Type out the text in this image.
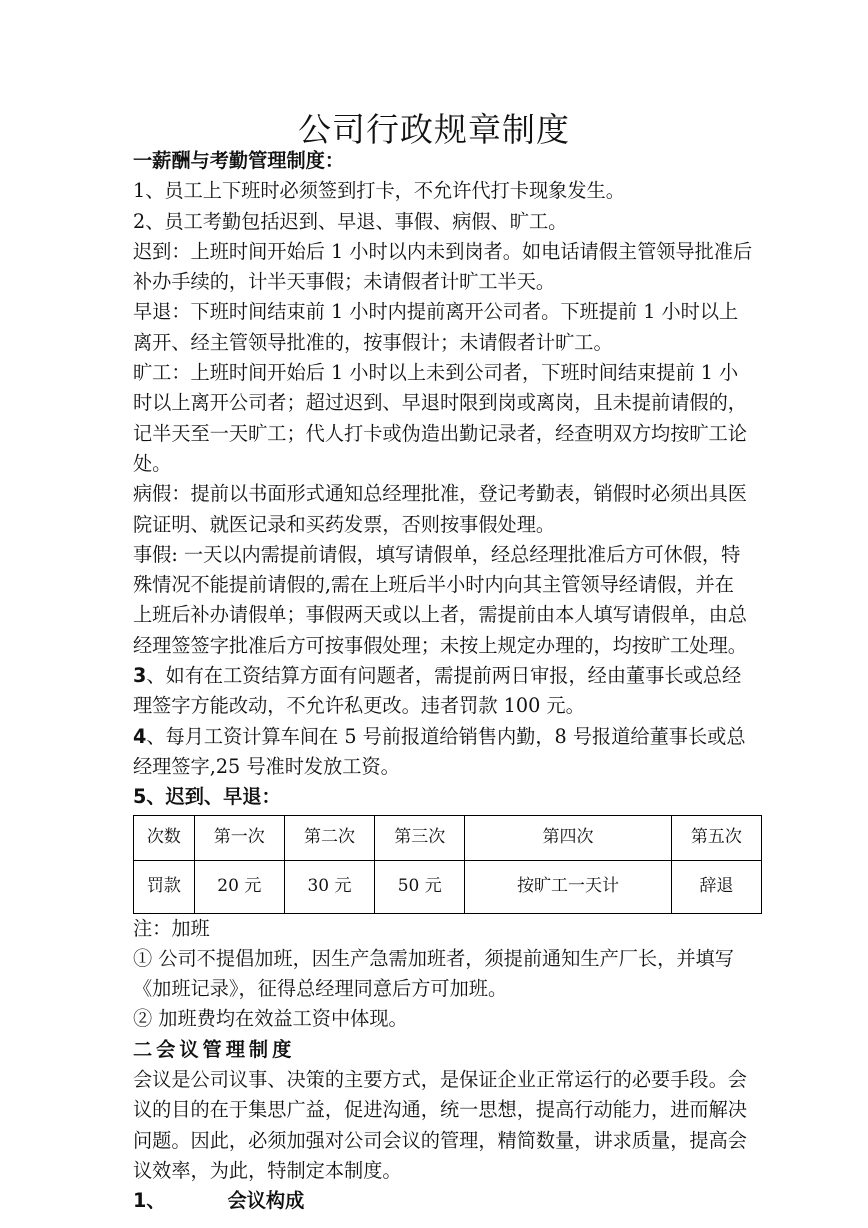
公司行政规章制度

一薪酬与考勤管理制度：

1、员工上下班时必须签到打卡，不允许代打卡现象发生。

2、员工考勤包括迟到、早退、事假、病假、旷工。

迟到：上班时间开始后 1 小时以内未到岗者。如电话请假主管领导批准后补办手续的，计半天事假；未请假者计旷工半天。

早退：下班时间结束前 1 小时内提前离开公司者。下班提前 1 小时以上离开、经主管领导批准的，按事假计；未请假者计旷工。

旷工：上班时间开始后 1 小时以上未到公司者，下班时间结束提前 1 小时以上离开公司者；超过迟到、早退时限到岗或离岗，且未提前请假的，记半天至一天旷工；代人打卡或伪造出勤记录者，经查明双方均按旷工论处。

病假：提前以书面形式通知总经理批准，登记考勤表，销假时必须出具医院证明、就医记录和买药发票，否则按事假处理。

事假: 一天以内需提前请假，填写请假单，经总经理批准后方可休假，特殊情况不能提前请假的,需在上班后半小时内向其主管领导经请假，并在上班后补办请假单；事假两天或以上者，需提前由本人填写请假单，由总经理签签字批准后方可按事假处理；未按上规定办理的，均按旷工处理。

3、如有在工资结算方面有问题者，需提前两日审报，经由董事长或总经理签字方能改动，不允许私更改。违者罚款 100 元。

4、每月工资计算车间在 5 号前报道给销售内勤，8 号报道给董事长或总经理签字,25 号准时发放工资。

5、迟到、早退：

次数	第一次	第二次	第三次	第四次	第五次
罚款	20 元	30 元	50 元	按旷工一天计	辞退

注：加班

① 公司不提倡加班，因生产急需加班者，须提前通知生产厂长，并填写《加班记录》，征得总经理同意后方可加班。

② 加班费均在效益工资中体现。

二会议管理制度

会议是公司议事、决策的主要方式，是保证企业正常运行的必要手段。会议的目的在于集思广益，促进沟通，统一思想，提高行动能力，进而解决问题。因此，必须加强对公司会议的管理，精简数量，讲求质量，提高会议效率，为此，特制定本制度。

1、	会议构成
